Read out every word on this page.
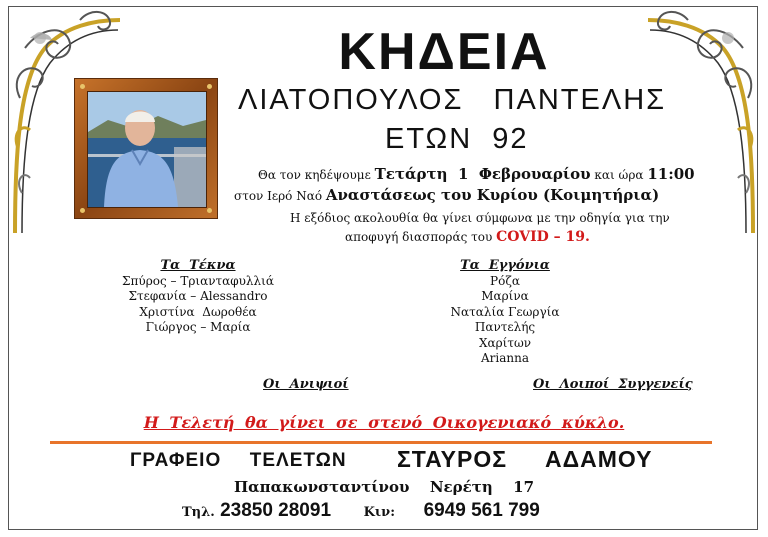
ΚΗΔΕΙΑ
ΛΙΑΤΟΠΟΥΛΟΣ   ΠΑΝΤΕΛΗΣ
ΕΤΩΝ  92
Θα τον κηδέψουμε Τετάρτη  1  Φεβρουαρίου και ώρα 11:00
στον Ιερό Ναό Αναστάσεως του Κυρίου (Κοιμητήρια)
Η εξόδιος ακολουθία θα γίνει σύμφωνα με την οδηγία για την
αποφυγή διασποράς του COVID – 19.
Τα  Τέκνα
Σπύρος – Τριανταφυλλιά
Στεφανία – Alessandro
Χριστίνα  Δωροθέα
Γιώργος – Μαρία
Τα  Εγγόνια
Ρόζα
Μαρίνα
Ναταλία Γεωργία
Παντελής
Χαρίτων
Arianna
Οι  Ανιψιοί	Οι  Λοιποί  Συγγενείς
Η Τελετή θα γίνει σε στενό Οικογενιακό κύκλο.
ΓΡΑΦΕΙΟ  ΤΕΛΕΤΩΝ ΣΤΑΥΡΟΣ  ΑΔΑΜΟΥ
Παπακωνσταντίνου  Νερέτη  17
Τηλ. 23850 28091	Κιν: 6949 561 799
